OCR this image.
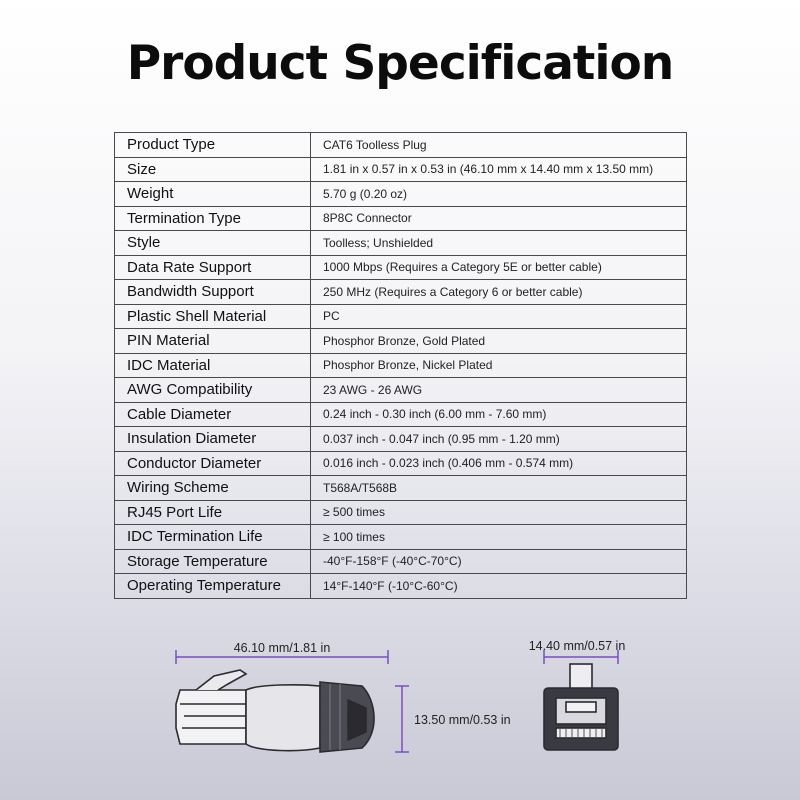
Product Specification
Product Type	CAT6 Toolless Plug
Size	1.81 in x 0.57 in x 0.53 in (46.10 mm x 14.40 mm x 13.50 mm)
Weight	5.70 g (0.20 oz)
Termination Type	8P8C Connector
Style	Toolless; Unshielded
Data Rate Support	1000 Mbps (Requires a Category 5E or better cable)
Bandwidth Support	250 MHz (Requires a Category 6 or better cable)
Plastic Shell Material	PC
PIN Material	Phosphor Bronze, Gold Plated
IDC Material	Phosphor Bronze, Nickel Plated
AWG Compatibility	23 AWG - 26 AWG
Cable Diameter	0.24 inch - 0.30 inch (6.00 mm - 7.60 mm)
Insulation Diameter	0.037 inch - 0.047 inch (0.95 mm - 1.20 mm)
Conductor Diameter	0.016 inch - 0.023 inch (0.406 mm - 0.574 mm)
Wiring Scheme	T568A/T568B
RJ45 Port Life	≥ 500 times
IDC Termination Life	≥ 100 times
Storage Temperature	-40°F-158°F (-40°C-70°C)
Operating Temperature	14°F-140°F (-10°C-60°C)
46.10 mm/1.81 in
13.50 mm/0.53 in
14.40 mm/0.57 in
